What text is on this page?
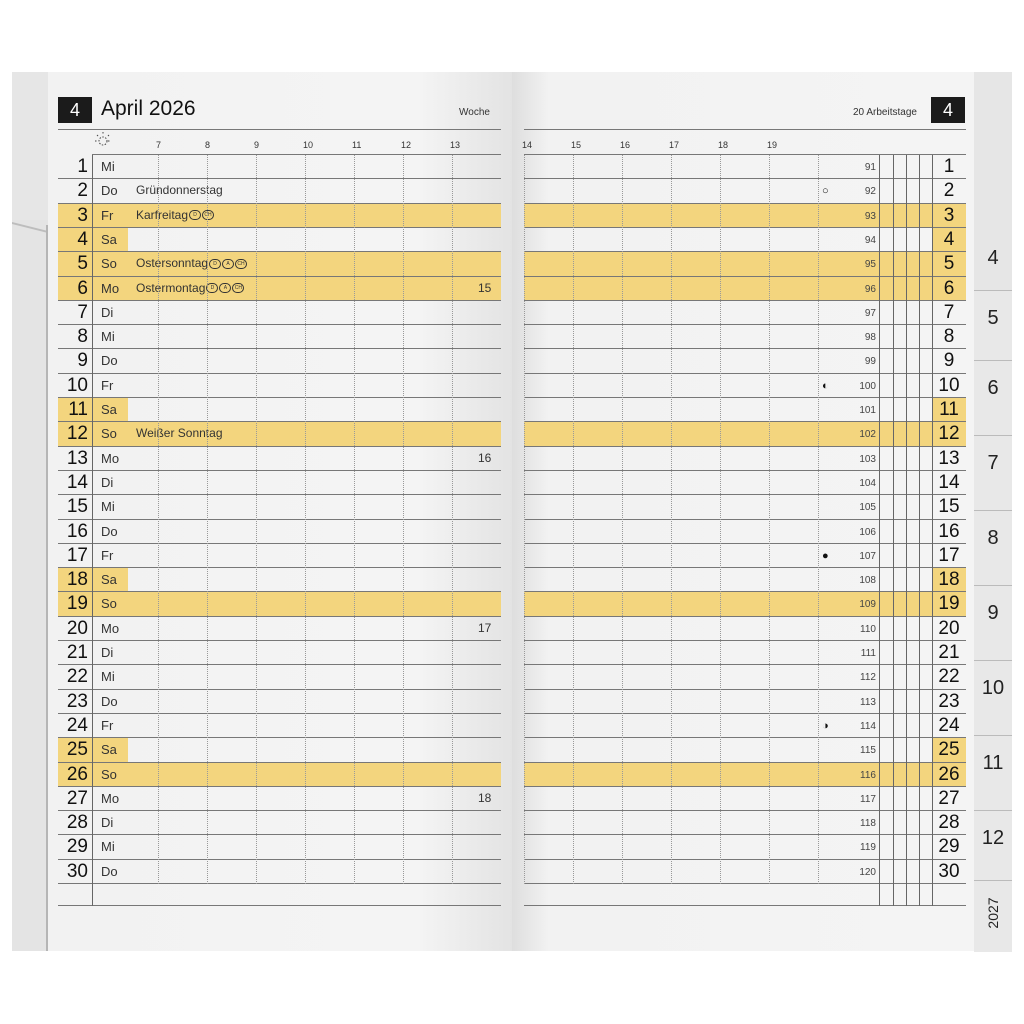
4
5
6
7
8
9
10
11
12
2027
4	April 2026	Woche	20 Arbeitstage	4
7	8	9	10	11	12	13	14	15	16	17	18	19
1 Mi	91	1
2 Do Gründonnerstag	○	92	2
3 Fr Karfreitag D CH	93	3
4 Sa	94	4
5 So Ostersonntag D A CH	95	5
6 Mo Ostermontag D A CH	15	96	6
7 Di	97	7
8 Mi	98	8
9 Do	99	9
10 Fr	◐	100	10
11 Sa	101	11
12 So Weißer Sonntag	102	12
13 Mo	16	103	13
14 Di	104	14
15 Mi	105	15
16 Do	106	16
17 Fr	●	107	17
18 Sa	108	18
19 So	109	19
20 Mo	17	110	20
21 Di	111	21
22 Mi	112	22
23 Do	113	23
24 Fr	◑	114	24
25 Sa	115	25
26 So	116	26
27 Mo	18	117	27
28 Di	118	28
29 Mi	119	29
30 Do	120	30
